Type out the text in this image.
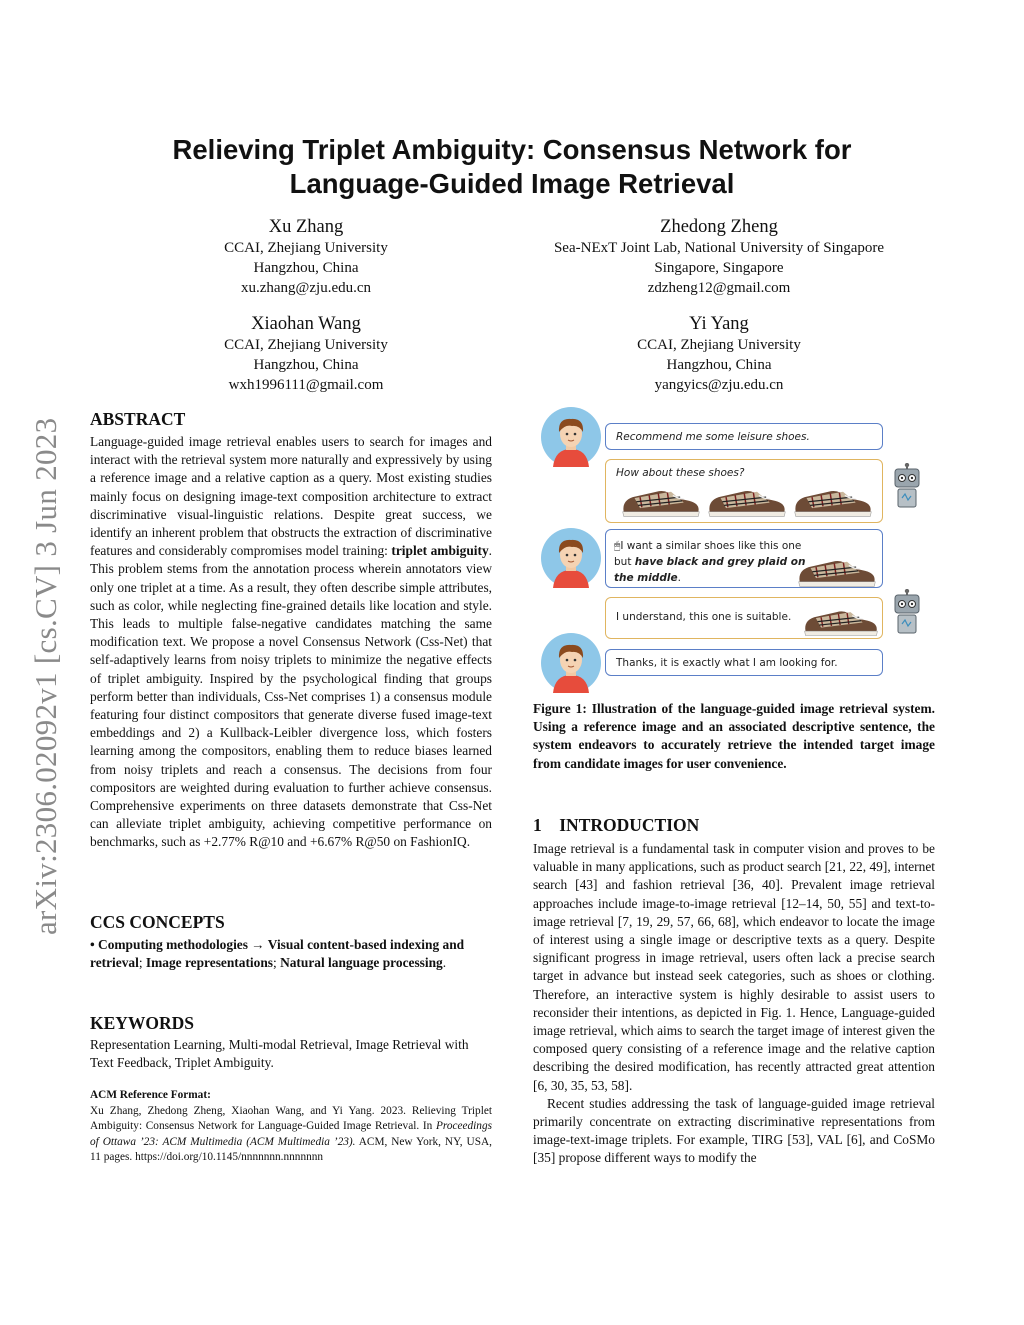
arXiv:2306.02092v1 [cs.CV] 3 Jun 2023
Relieving Triplet Ambiguity: Consensus Network for
Language-Guided Image Retrieval
Xu Zhang
CCAI, Zhejiang University
Hangzhou, China
xu.zhang@zju.edu.cn
Zhedong Zheng
Sea-NExT Joint Lab, National University of Singapore
Singapore, Singapore
zdzheng12@gmail.com
Xiaohan Wang
CCAI, Zhejiang University
Hangzhou, China
wxh1996111@gmail.com
Yi Yang
CCAI, Zhejiang University
Hangzhou, China
yangyics@zju.edu.cn
ABSTRACT
Language-guided image retrieval enables users to search for images and interact with the retrieval system more naturally and expressively by using a reference image and a relative caption as a query. Most existing studies mainly focus on designing image-text composition architecture to extract discriminative visual-linguistic relations. Despite great success, we identify an inherent problem that obstructs the extraction of discriminative features and considerably compromises model training: triplet ambiguity. This problem stems from the annotation process wherein annotators view only one triplet at a time. As a result, they often describe simple attributes, such as color, while neglecting fine-grained details like location and style. This leads to multiple false-negative candidates matching the same modification text. We propose a novel Consensus Network (Css-Net) that self-adaptively learns from noisy triplets to minimize the negative effects of triplet ambiguity. Inspired by the psychological finding that groups perform better than individuals, Css-Net comprises 1) a consensus module featuring four distinct compositors that generate diverse fused image-text embeddings and 2) a Kullback-Leibler divergence loss, which fosters learning among the compositors, enabling them to reduce biases learned from noisy triplets and reach a consensus. The decisions from four compositors are weighted during evaluation to further achieve consensus. Comprehensive experiments on three datasets demonstrate that Css-Net can alleviate triplet ambiguity, achieving competitive performance on benchmarks, such as +2.77% R@10 and +6.67% R@50 on FashionIQ.
CCS CONCEPTS
• Computing methodologies → Visual content-based indexing and retrieval; Image representations; Natural language processing.
KEYWORDS
Representation Learning, Multi-modal Retrieval, Image Retrieval with Text Feedback, Triplet Ambiguity.
ACM Reference Format:
Xu Zhang, Zhedong Zheng, Xiaohan Wang, and Yi Yang. 2023. Relieving Triplet Ambiguity: Consensus Network for Language-Guided Image Retrieval. In Proceedings of Ottawa ’23: ACM Multimedia (ACM Multimedia ’23). ACM, New York, NY, USA, 11 pages. https://doi.org/10.1145/nnnnnnn.nnnnnnn
Recommend me some leisure shoes.
How about these shoes?
🖱I want a similar shoes like this one but have black and grey plaid on the middle.
I understand, this one is suitable.
Thanks, it is exactly what I am looking for.
Figure 1: Illustration of the language-guided image retrieval system. Using a reference image and an associated descriptive sentence, the system endeavors to accurately retrieve the intended target image from candidate images for user convenience.
1    INTRODUCTION

Image retrieval is a fundamental task in computer vision and proves to be valuable in many applications, such as product search [21, 22, 49], internet search [43] and fashion retrieval [36, 40]. Prevalent image retrieval approaches include image-to-image retrieval [12–14, 50, 55] and text-to-image retrieval [7, 19, 29, 57, 66, 68], which endeavor to locate the image of interest using a single image or descriptive texts as a query. Despite significant progress in image retrieval, users often lack a precise search target in advance but instead seek categories, such as shoes or clothing. Therefore, an interactive system is highly desirable to assist users to reconsider their intentions, as depicted in Fig. 1. Hence, Language-guided image retrieval, which aims to search the target image of interest given the composed query consisting of a reference image and the relative caption describing the desired modification, has recently attracted great attention [6, 30, 35, 53, 58].

Recent studies addressing the task of language-guided image retrieval primarily concentrate on extracting discriminative representations from image-text-image triplets. For example, TIRG [53], VAL [6], and CoSMo [35] propose different ways to modify the
